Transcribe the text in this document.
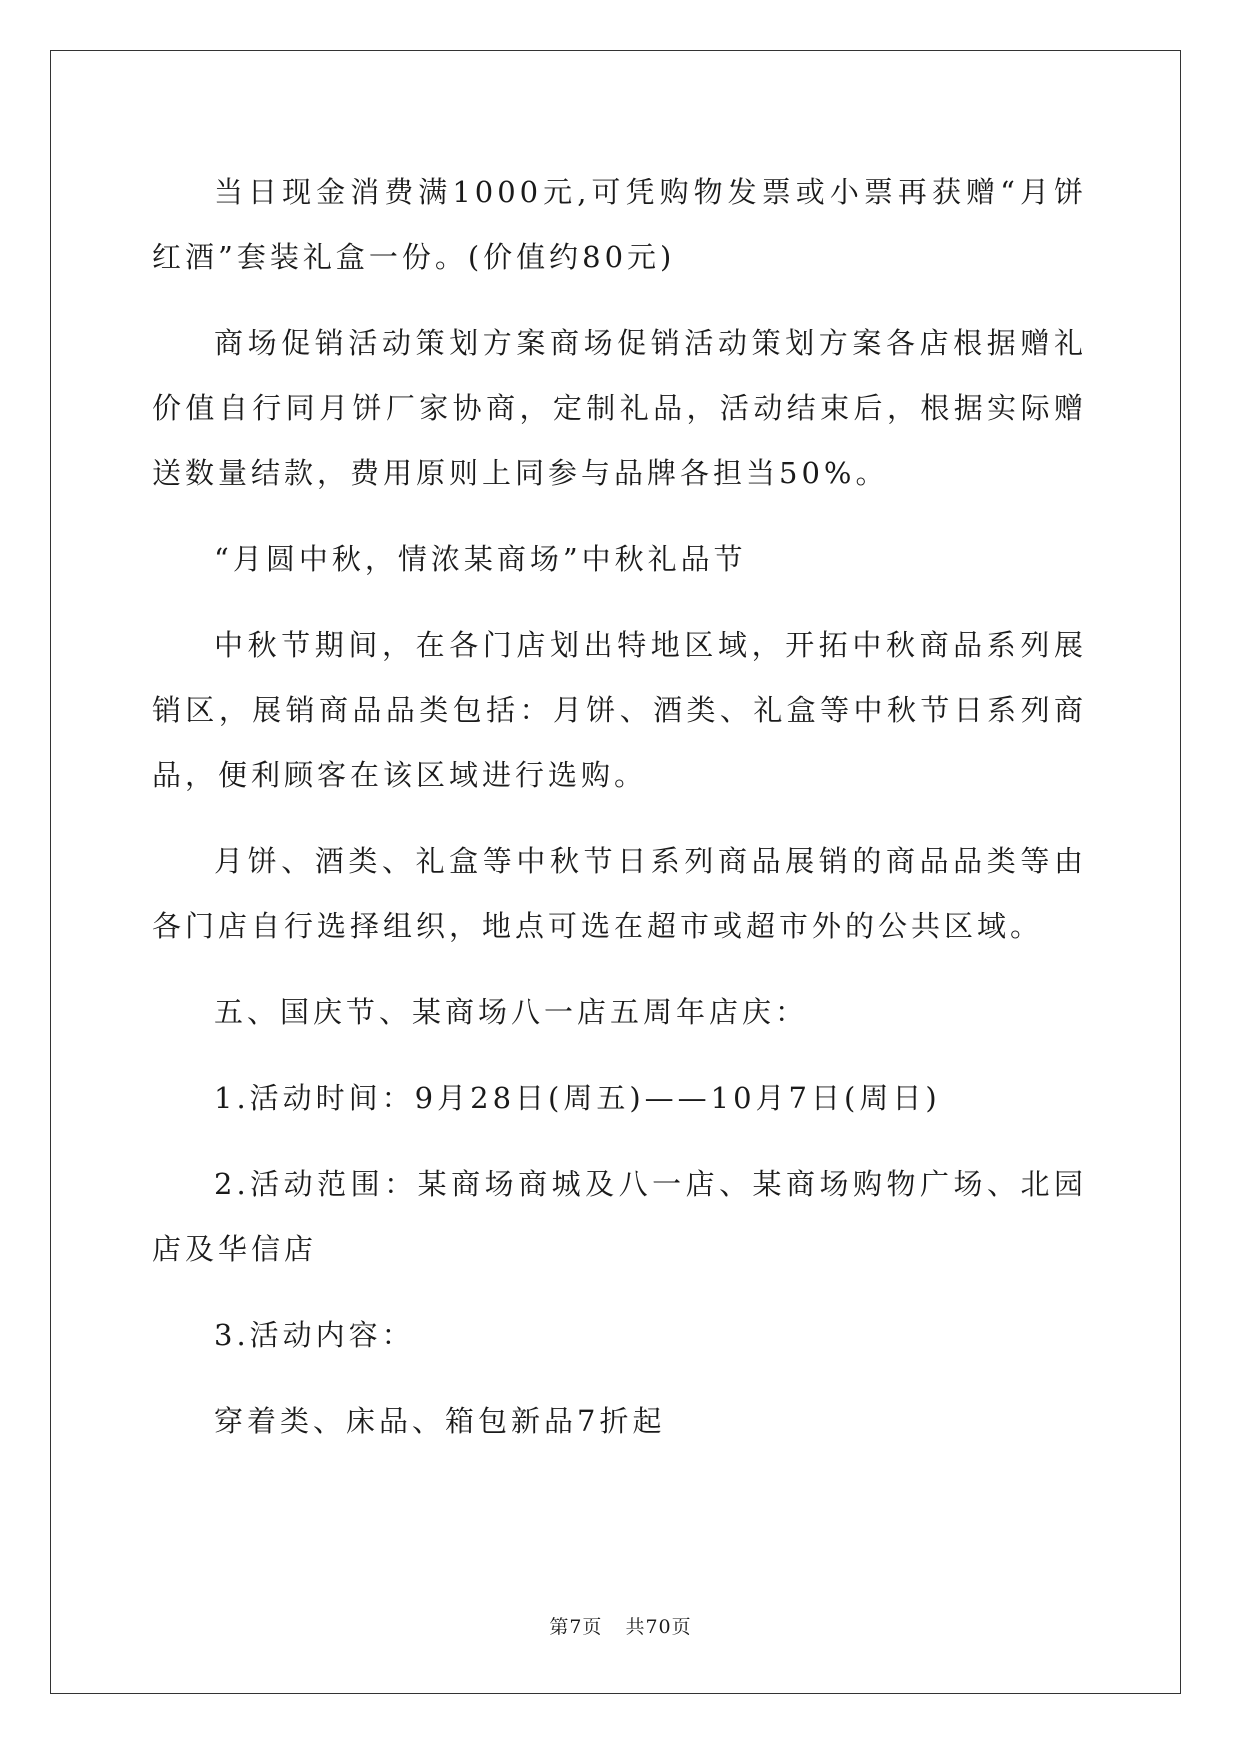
当日现金消费满1000元,可凭购物发票或小票再获赠“月饼红酒”套装礼盒一份。(价值约80元)

商场促销活动策划方案商场促销活动策划方案各店根据赠礼价值自行同月饼厂家协商，定制礼品，活动结束后，根据实际赠送数量结款，费用原则上同参与品牌各担当50%。

“月圆中秋，情浓某商场”中秋礼品节

中秋节期间，在各门店划出特地区域，开拓中秋商品系列展销区，展销商品品类包括：月饼、酒类、礼盒等中秋节日系列商品，便利顾客在该区域进行选购。

月饼、酒类、礼盒等中秋节日系列商品展销的商品品类等由各门店自行选择组织，地点可选在超市或超市外的公共区域。

五、国庆节、某商场八一店五周年店庆：

1.活动时间：9月28日(周五)——10月7日(周日)

2.活动范围：某商场商城及八一店、某商场购物广场、北园店及华信店

3.活动内容：

穿着类、床品、箱包新品7折起

第7页 共70页
